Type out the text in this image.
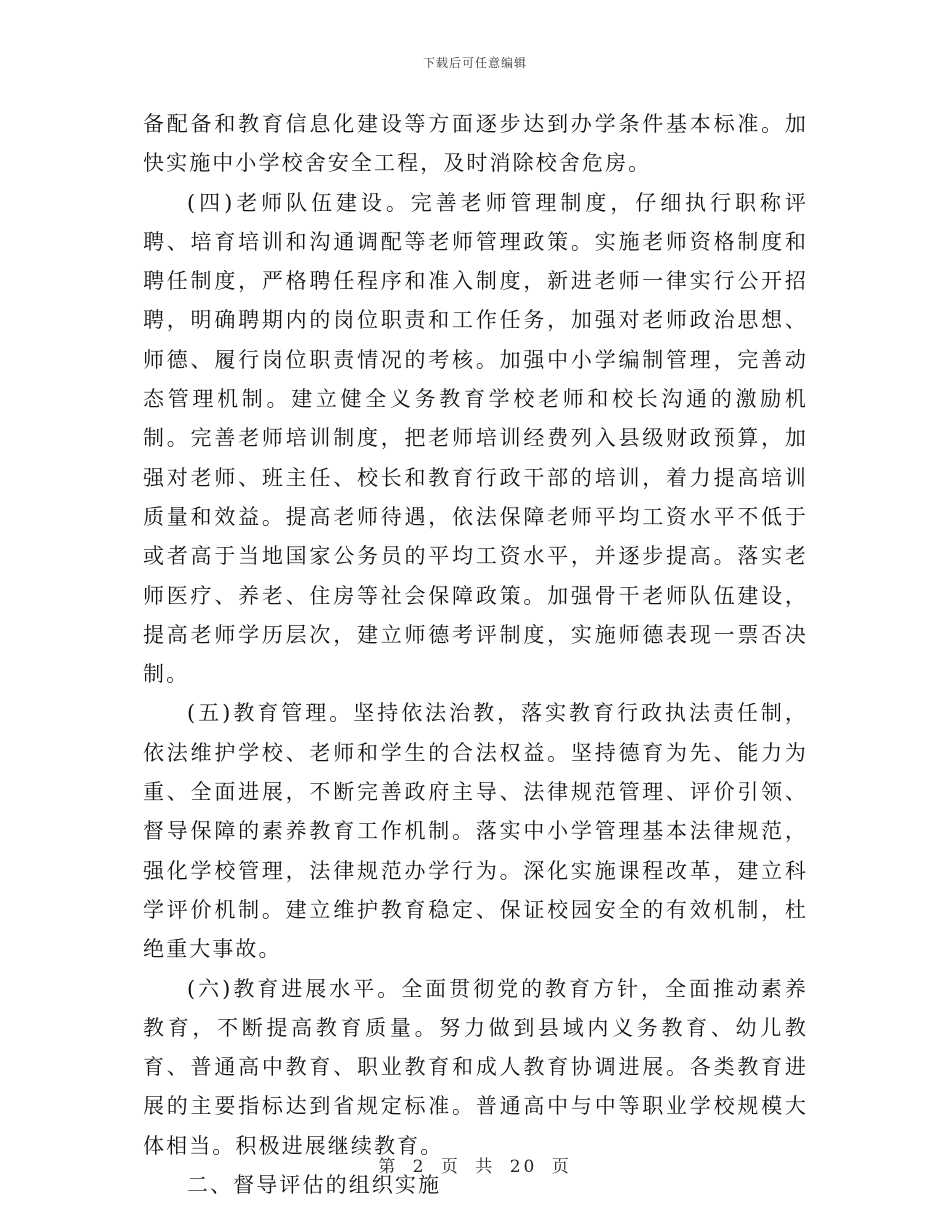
下载后可任意编辑

备配备和教育信息化建设等方面逐步达到办学条件基本标准。加快实施中小学校舍安全工程，及时消除校舍危房。

(四)老师队伍建设。完善老师管理制度，仔细执行职称评聘、培育培训和沟通调配等老师管理政策。实施老师资格制度和聘任制度，严格聘任程序和准入制度，新进老师一律实行公开招聘，明确聘期内的岗位职责和工作任务，加强对老师政治思想、师德、履行岗位职责情况的考核。加强中小学编制管理，完善动态管理机制。建立健全义务教育学校老师和校长沟通的激励机制。完善老师培训制度，把老师培训经费列入县级财政预算，加强对老师、班主任、校长和教育行政干部的培训，着力提高培训质量和效益。提高老师待遇，依法保障老师平均工资水平不低于或者高于当地国家公务员的平均工资水平，并逐步提高。落实老师医疗、养老、住房等社会保障政策。加强骨干老师队伍建设，提高老师学历层次，建立师德考评制度，实施师德表现一票否决制。

(五)教育管理。坚持依法治教，落实教育行政执法责任制，依法维护学校、老师和学生的合法权益。坚持德育为先、能力为重、全面进展，不断完善政府主导、法律规范管理、评价引领、督导保障的素养教育工作机制。落实中小学管理基本法律规范，强化学校管理，法律规范办学行为。深化实施课程改革，建立科学评价机制。建立维护教育稳定、保证校园安全的有效机制，杜绝重大事故。

(六)教育进展水平。全面贯彻党的教育方针，全面推动素养教育，不断提高教育质量。努力做到县域内义务教育、幼儿教育、普通高中教育、职业教育和成人教育协调进展。各类教育进展的主要指标达到省规定标准。普通高中与中等职业学校规模大体相当。积极进展继续教育。

二、督导评估的组织实施

第 2 页 共 20 页
